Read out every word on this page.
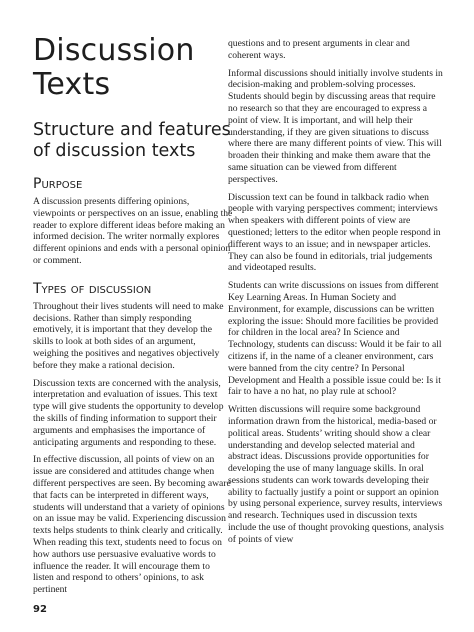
Discussion Texts
Structure and features of discussion texts
Purpose

A discussion presents differing opinions, viewpoints or perspectives on an issue, enabling the reader to explore different ideas before making an informed decision. The writer normally explores different opinions and ends with a personal opinion or comment.

Types of discussion

Throughout their lives students will need to make decisions. Rather than simply responding emotively, it is important that they develop the skills to look at both sides of an argument, weighing the positives and negatives objectively before they make a rational decision.

Discussion texts are concerned with the analysis, interpretation and evaluation of issues. This text type will give students the opportunity to develop the skills of finding information to support their arguments and emphasises the importance of anticipating arguments and responding to these.

In effective discussion, all points of view on an issue are considered and attitudes change when different perspectives are seen. By becoming aware that facts can be interpreted in different ways, students will understand that a variety of opinions on an issue may be valid. Experiencing discussion texts helps students to think clearly and critically. When reading this text, students need to focus on how authors use persuasive evaluative words to influence the reader. It will encourage them to listen and respond to others’ opinions, to ask pertinent

questions and to present arguments in clear and coherent ways.

Informal discussions should initially involve students in decision-making and problem-solving processes. Students should begin by discussing areas that require no research so that they are encouraged to express a point of view. It is important, and will help their understanding, if they are given situations to discuss where there are many different points of view. This will broaden their thinking and make them aware that the same situation can be viewed from different perspectives.

Discussion text can be found in talkback radio when people with varying perspectives comment; interviews when speakers with different points of view are questioned; letters to the editor when people respond in different ways to an issue; and in newspaper articles. They can also be found in editorials, trial judgements and videotaped results.

Students can write discussions on issues from different Key Learning Areas. In Human Society and Environment, for example, discussions can be written exploring the issue: Should more facilities be provided for children in the local area? In Science and Technology, students can discuss: Would it be fair to all citizens if, in the name of a cleaner environment, cars were banned from the city centre? In Personal Development and Health a possible issue could be: Is it fair to have a no hat, no play rule at school?

Written discussions will require some background information drawn from the historical, media-based or political areas. Students’ writing should show a clear understanding and develop selected material and abstract ideas. Discussions provide opportunities for developing the use of many language skills. In oral sessions students can work towards developing their ability to factually justify a point or support an opinion by using personal experience, survey results, interviews and research. Techniques used in discussion texts include the use of thought provoking questions, analysis of points of view

92
